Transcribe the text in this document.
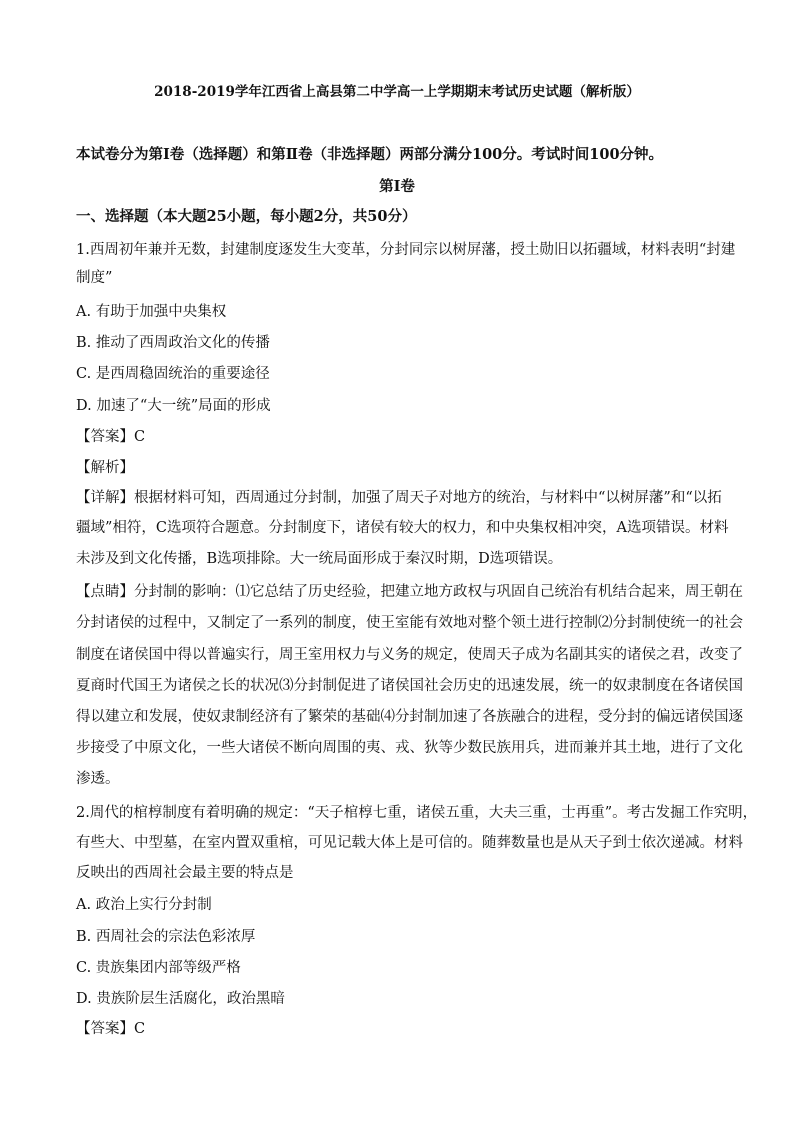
2018-2019学年江西省上高县第二中学高一上学期期末考试历史试题（解析版）
本试卷分为第Ⅰ卷（选择题）和第Ⅱ卷（非选择题）两部分满分100分。考试时间100分钟。
第Ⅰ卷
一、选择题（本大题25小题，每小题2分，共50分）
1.西周初年兼并无数，封建制度逐发生大变革，分封同宗以树屏藩，授土勋旧以拓疆域，材料表明“封建
制度”
A. 有助于加强中央集权
B. 推动了西周政治文化的传播
C. 是西周稳固统治的重要途径
D. 加速了“大一统”局面的形成
【答案】C
【解析】
【详解】根据材料可知，西周通过分封制，加强了周天子对地方的统治，与材料中“以树屏藩”和“以拓
疆域”相符，C选项符合题意。分封制度下，诸侯有较大的权力，和中央集权相冲突，A选项错误。材料
未涉及到文化传播，B选项排除。大一统局面形成于秦汉时期，D选项错误。
【点睛】分封制的影响：⑴它总结了历史经验，把建立地方政权与巩固自己统治有机结合起来，周王朝在
分封诸侯的过程中，又制定了一系列的制度，使王室能有效地对整个领土进行控制⑵分封制使统一的社会
制度在诸侯国中得以普遍实行，周王室用权力与义务的规定，使周天子成为名副其实的诸侯之君，改变了
夏商时代国王为诸侯之长的状况⑶分封制促进了诸侯国社会历史的迅速发展，统一的奴隶制度在各诸侯国
得以建立和发展，使奴隶制经济有了繁荣的基础⑷分封制加速了各族融合的进程，受分封的偏远诸侯国逐
步接受了中原文化，一些大诸侯不断向周围的夷、戎、狄等少数民族用兵，进而兼并其土地，进行了文化
渗透。
2.周代的棺椁制度有着明确的规定：“天子棺椁七重，诸侯五重，大夫三重，士再重”。考古发掘工作究明，
有些大、中型墓，在室内置双重棺，可见记载大体上是可信的。随葬数量也是从天子到士依次递减。材料
反映出的西周社会最主要的特点是
A. 政治上实行分封制
B. 西周社会的宗法色彩浓厚
C. 贵族集团内部等级严格
D. 贵族阶层生活腐化，政治黑暗
【答案】C
